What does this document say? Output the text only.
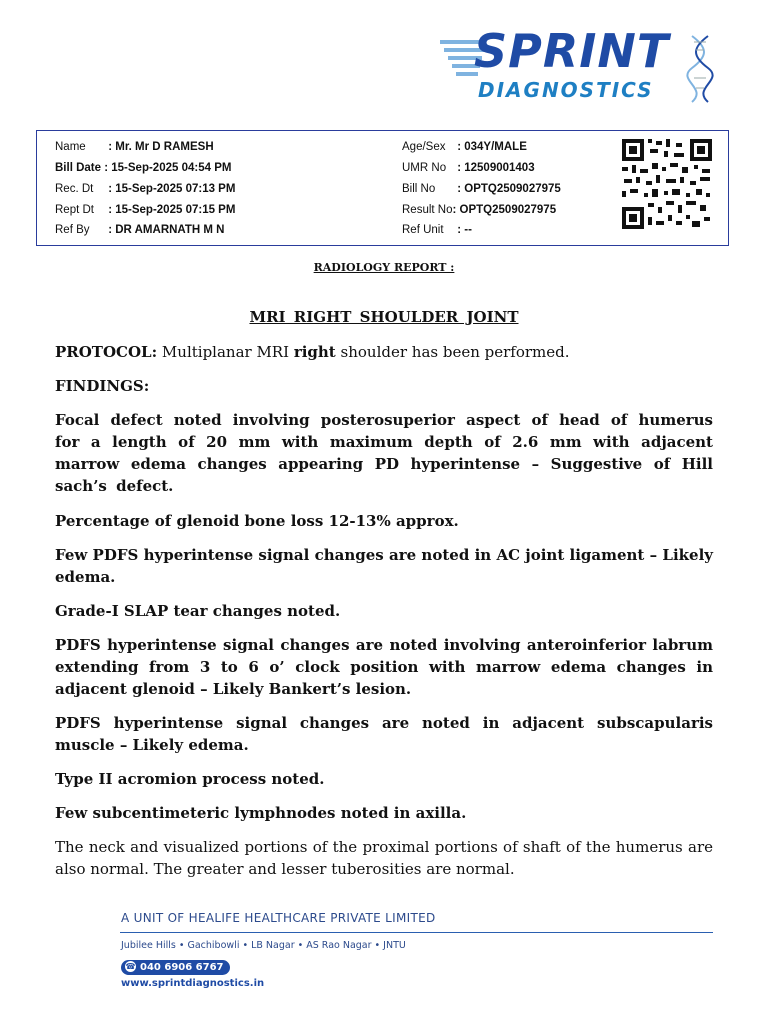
SPRINT
DIAGNOSTICS
Name : Mr. Mr D RAMESH
Bill Date : 15-Sep-2025 04:54 PM
Rec. Dt : 15-Sep-2025 07:13 PM
Rept Dt : 15-Sep-2025 07:15 PM
Ref By : DR AMARNATH M N
Age/Sex : 034Y/MALE
UMR No : 12509001403
Bill No : OPTQ2509027975
Result No: OPTQ2509027975
Ref Unit : --
RADIOLOGY REPORT :
MRI RIGHT SHOULDER JOINT
PROTOCOL: Multiplanar MRI right shoulder has been performed.
FINDINGS:
Focal defect noted involving posterosuperior aspect of head of humerus for a length of 20 mm with maximum depth of 2.6 mm with adjacent marrow edema changes appearing PD hyperintense – Suggestive of Hill sach’s defect.
Percentage of glenoid bone loss 12-13% approx.
Few PDFS hyperintense signal changes are noted in AC joint ligament – Likely edema.
Grade-I SLAP tear changes noted.
PDFS hyperintense signal changes are noted involving anteroinferior labrum extending from 3 to 6 o’ clock position with marrow edema changes in adjacent glenoid – Likely Bankert’s lesion.
PDFS hyperintense signal changes are noted in adjacent subscapularis muscle – Likely edema.
Type II acromion process noted.
Few subcentimeteric lymphnodes noted in axilla.
The neck and visualized portions of the proximal portions of shaft of the humerus are also normal. The greater and lesser tuberosities are normal.
A UNIT OF HEALIFE HEALTHCARE PRIVATE LIMITED
Jubilee Hills • Gachibowli • LB Nagar • AS Rao Nagar • JNTU
☎ 040 6906 6767
www.sprintdiagnostics.in
